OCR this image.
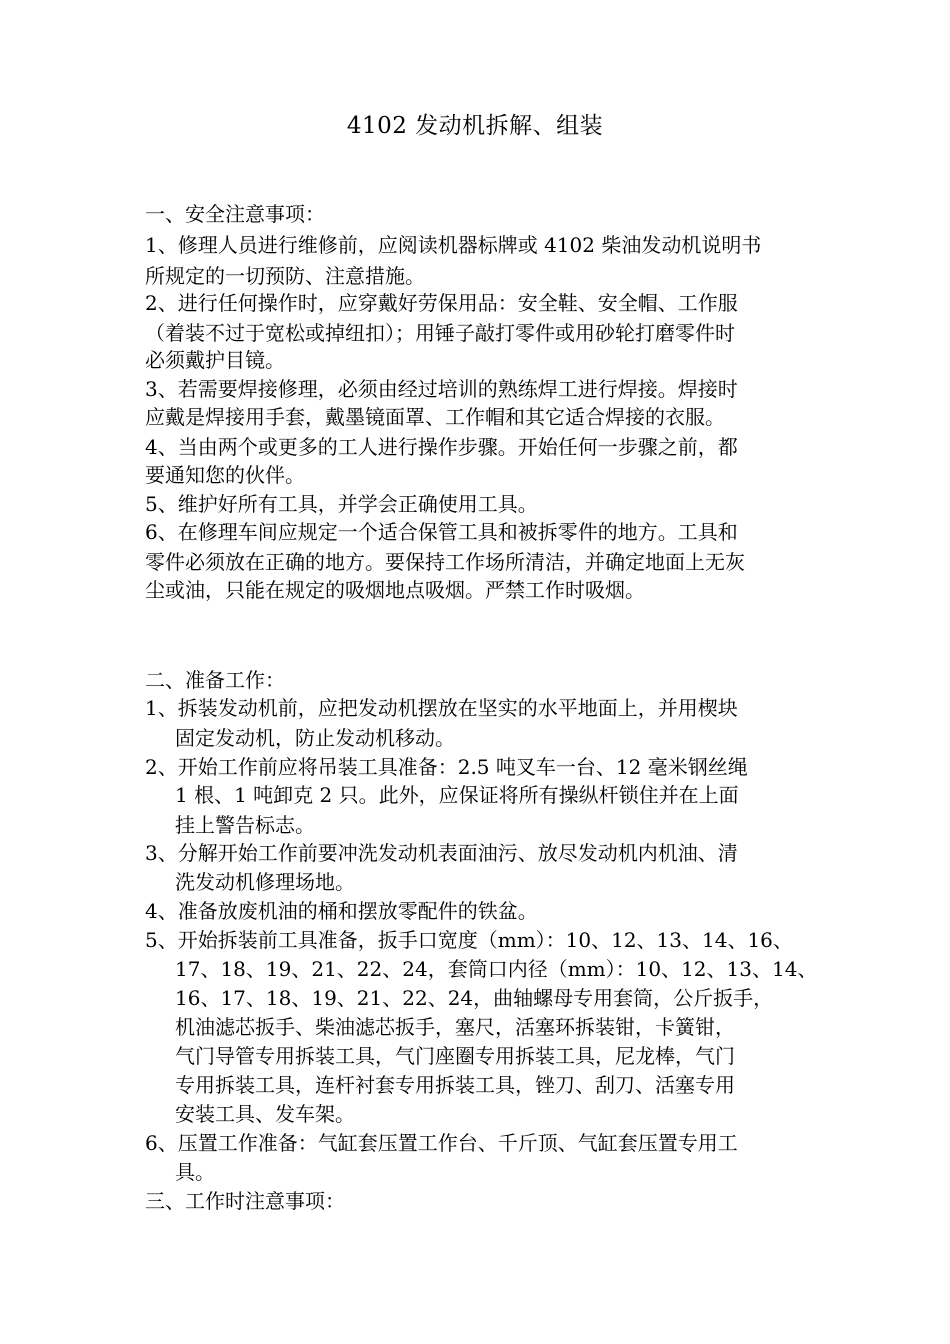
4102 发动机拆解、组装
一、安全注意事项：
1、修理人员进行维修前，应阅读机器标牌或 4102 柴油发动机说明书
所规定的一切预防、注意措施。
2、进行任何操作时，应穿戴好劳保用品：安全鞋、安全帽、工作服
（着装不过于宽松或掉纽扣）；用锤子敲打零件或用砂轮打磨零件时
必须戴护目镜。
3、若需要焊接修理，必须由经过培训的熟练焊工进行焊接。焊接时
应戴是焊接用手套，戴墨镜面罩、工作帽和其它适合焊接的衣服。
4、当由两个或更多的工人进行操作步骤。开始任何一步骤之前，都
要通知您的伙伴。
5、维护好所有工具，并学会正确使用工具。
6、在修理车间应规定一个适合保管工具和被拆零件的地方。工具和
零件必须放在正确的地方。要保持工作场所清洁，并确定地面上无灰
尘或油，只能在规定的吸烟地点吸烟。严禁工作时吸烟。
二、准备工作：
1、拆装发动机前，应把发动机摆放在坚实的水平地面上，并用楔块
固定发动机，防止发动机移动。
2、开始工作前应将吊装工具准备：2.5 吨叉车一台、12 毫米钢丝绳
1 根、1 吨卸克 2 只。此外，应保证将所有操纵杆锁住并在上面
挂上警告标志。
3、分解开始工作前要冲洗发动机表面油污、放尽发动机内机油、清
洗发动机修理场地。
4、准备放废机油的桶和摆放零配件的铁盆。
5、开始拆装前工具准备，扳手口宽度（mm）：10、12、13、14、16、
17、18、19、21、22、24，套筒口内径（mm）：10、12、13、14、
16、17、18、19、21、22、24，曲轴螺母专用套筒，公斤扳手，
机油滤芯扳手、柴油滤芯扳手，塞尺，活塞环拆装钳，卡簧钳，
气门导管专用拆装工具，气门座圈专用拆装工具，尼龙棒，气门
专用拆装工具，连杆衬套专用拆装工具，锉刀、刮刀、活塞专用
安装工具、发车架。
6、压置工作准备：气缸套压置工作台、千斤顶、气缸套压置专用工
具。
三、工作时注意事项：
